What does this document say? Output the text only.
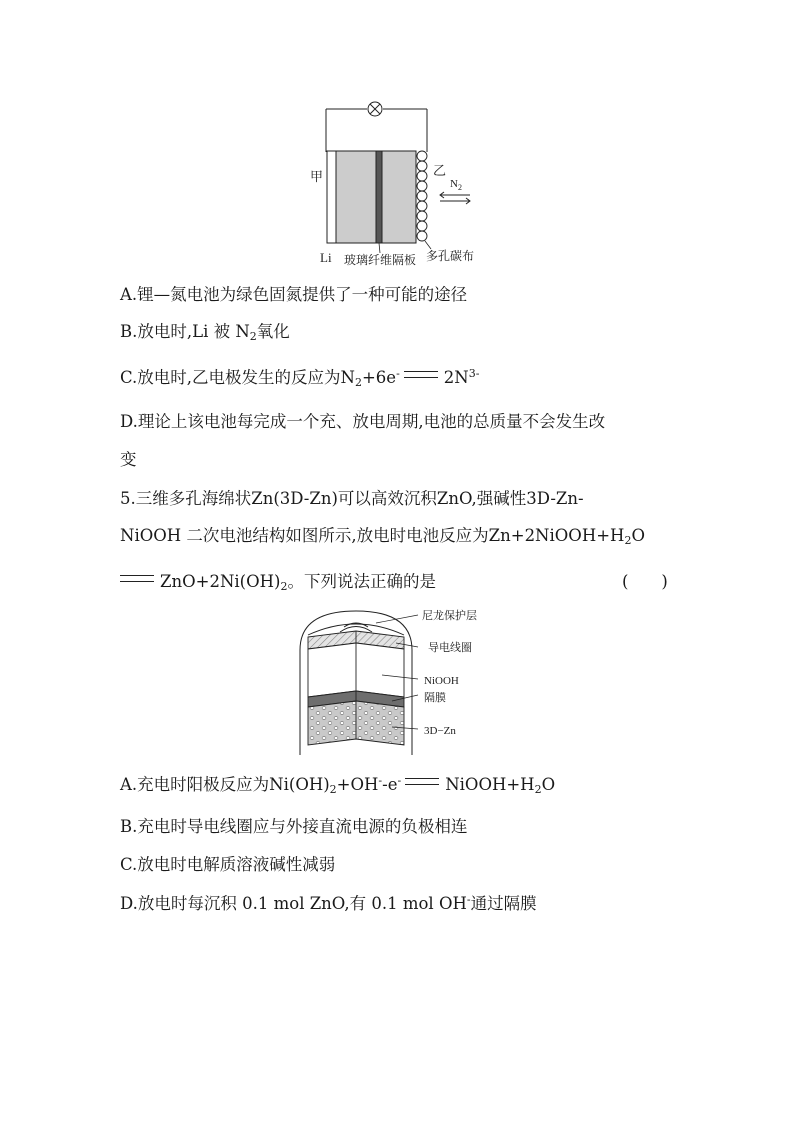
甲	乙
Li
$N_2$
玻璃纤维隔板 多孔碳布
A.锂—氮电池为绿色固氮提供了一种可能的途径
B.放电时,Li 被 $N_2$氧化
C.放电时,乙电极发生的反应为$N_2+6e^-$	$2N^{3-}$
D.理论上该电池每完成一个充、放电周期,电池的总质量不会发生改
变
5.三维多孔海绵状Zn(3D-Zn)可以高效沉积ZnO,强碱性3D-Zn-
NiOOH 二次电池结构如图所示,放电时电池反应为$Zn+2NiOOH+H_2O$
$ZnO+2Ni(OH)_2$。下列说法正确的是	(　　)
尼龙保护层
导电线圈
NiOOH
隔膜
3D−Zn
A.充电时阳极反应为$Ni(OH)_2+OH^--e^-$	$NiOOH+H_2O$
B.充电时导电线圈应与外接直流电源的负极相连
C.放电时电解质溶液碱性减弱
D.放电时每沉积 0.1 mol ZnO,有 0.1 mol OH-通过隔膜
